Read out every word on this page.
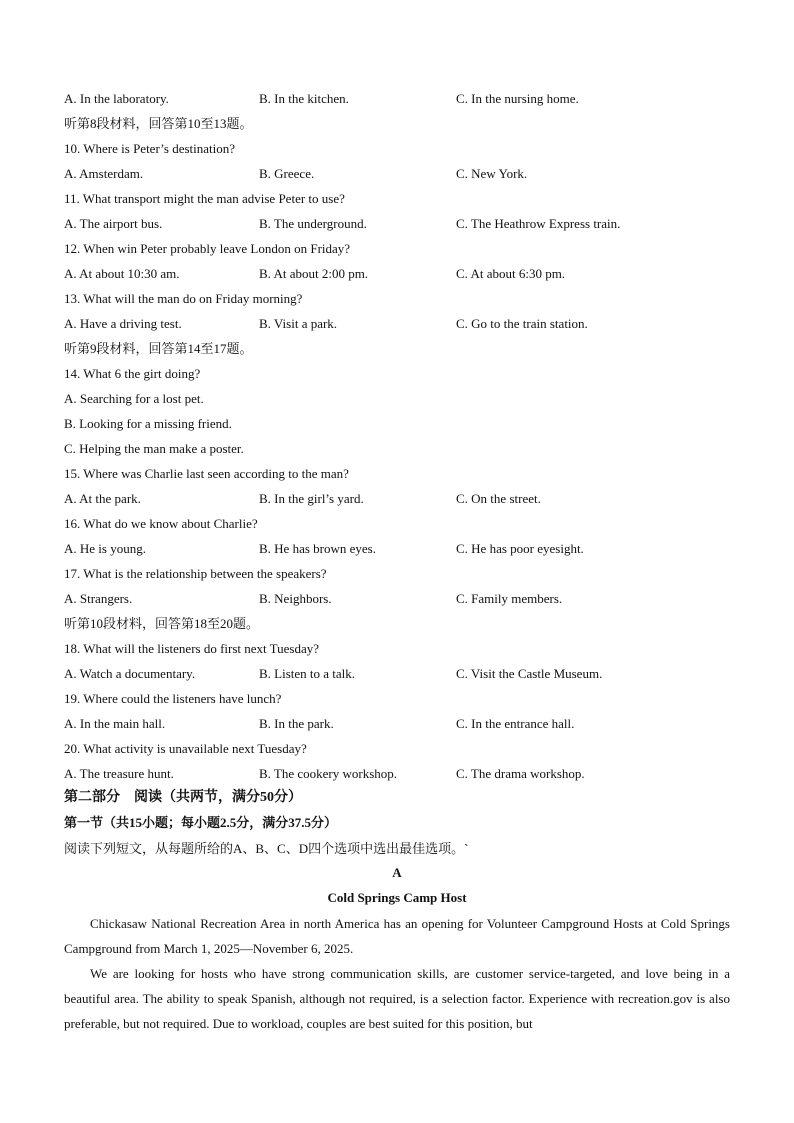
A. In the laboratory.	B. In the kitchen.	C. In the nursing home.
听第8段材料，回答第10至13题。
10. Where is Peter’s destination?
A. Amsterdam.	B. Greece.	C. New York.
11. What transport might the man advise Peter to use?
A. The airport bus.	B. The underground.	C. The Heathrow Express train.
12. When win Peter probably leave London on Friday?
A. At about 10:30 am.	B. At about 2:00 pm.	C. At about 6:30 pm.
13. What will the man do on Friday morning?
A. Have a driving test.	B. Visit a park.	C. Go to the train station.
听第9段材料，回答第14至17题。
14. What 6 the girt doing?
A. Searching for a lost pet.
B. Looking for a missing friend.
C. Helping the man make a poster.
15. Where was Charlie last seen according to the man?
A. At the park.	B. In the girl’s yard.	C. On the street.
16. What do we know about Charlie?
A. He is young.	B. He has brown eyes.	C. He has poor eyesight.
17. What is the relationship between the speakers?
A. Strangers.	B. Neighbors.	C. Family members.
听第10段材料，回答第18至20题。
18. What will the listeners do first next Tuesday?
A. Watch a documentary.	B. Listen to a talk.	C. Visit the Castle Museum.
19. Where could the listeners have lunch?
A. In the main hall.	B. In the park.	C. In the entrance hall.
20. What activity is unavailable next Tuesday?
A. The treasure hunt.	B. The cookery workshop.	C. The drama workshop.
第二部分　阅读（共两节，满分50分）
第一节（共15小题；每小题2.5分，满分37.5分）
阅读下列短文，从每题所给的A、B、C、D四个选项中选出最佳选项。`
A
Cold Springs Camp Host
Chickasaw National Recreation Area in north America has an opening for Volunteer Campground Hosts at Cold Springs Campground from March 1, 2025—November 6, 2025.
We are looking for hosts who have strong communication skills, are customer service-targeted, and love being in a beautiful area. The ability to speak Spanish, although not required, is a selection factor. Experience with recreation.gov is also preferable, but not required. Due to workload, couples are best suited for this position, but
